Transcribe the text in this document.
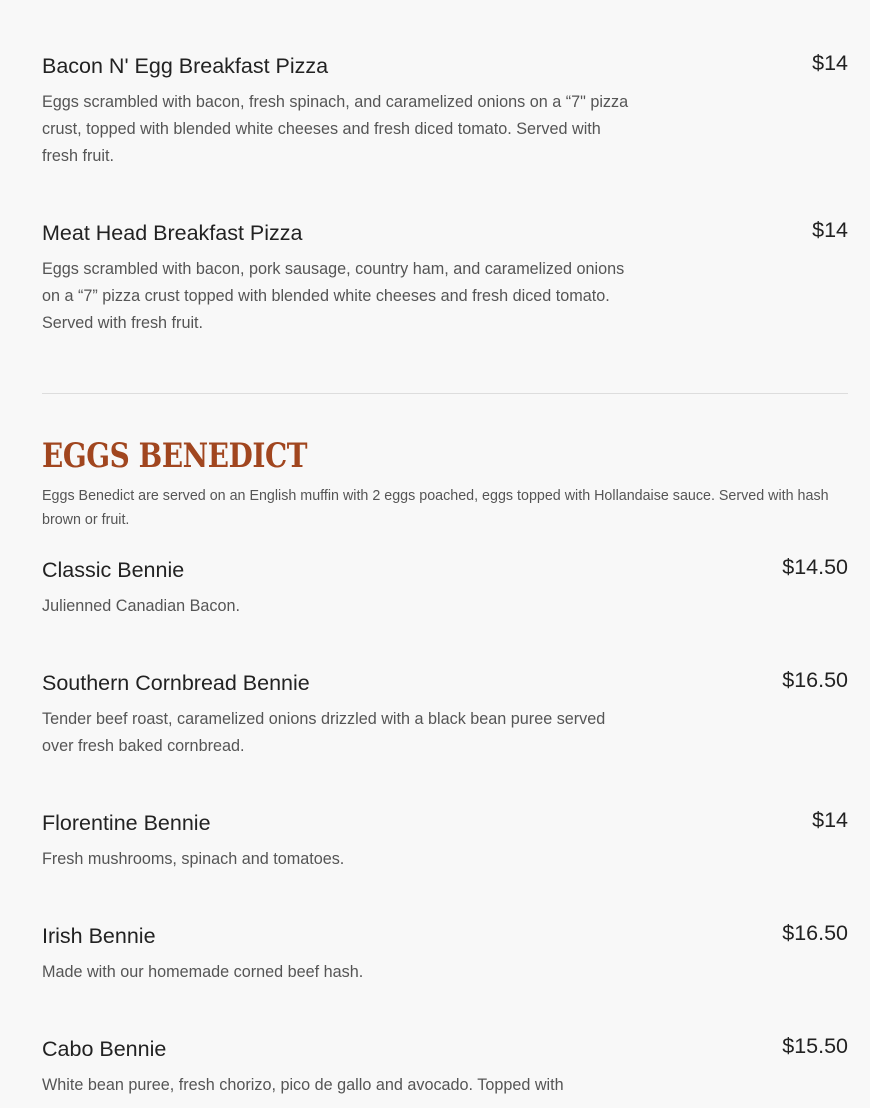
Bacon N' Egg Breakfast Pizza	$14
Eggs scrambled with bacon, fresh spinach, and caramelized onions on a “7" pizza crust, topped with blended white cheeses and fresh diced tomato. Served with fresh fruit.
Meat Head Breakfast Pizza	$14
Eggs scrambled with bacon, pork sausage, country ham, and caramelized onions on a “7” pizza crust topped with blended white cheeses and fresh diced tomato. Served with fresh fruit.
EGGS BENEDICT
Eggs Benedict are served on an English muffin with 2 eggs poached, eggs topped with Hollandaise sauce. Served with hash brown or fruit.
Classic Bennie	$14.50
Julienned Canadian Bacon.
Southern Cornbread Bennie	$16.50
Tender beef roast, caramelized onions drizzled with a black bean puree served over fresh baked cornbread.
Florentine Bennie	$14
Fresh mushrooms, spinach and tomatoes.
Irish Bennie	$16.50
Made with our homemade corned beef hash.
Cabo Bennie	$15.50
White bean puree, fresh chorizo, pico de gallo and avocado. Topped with
